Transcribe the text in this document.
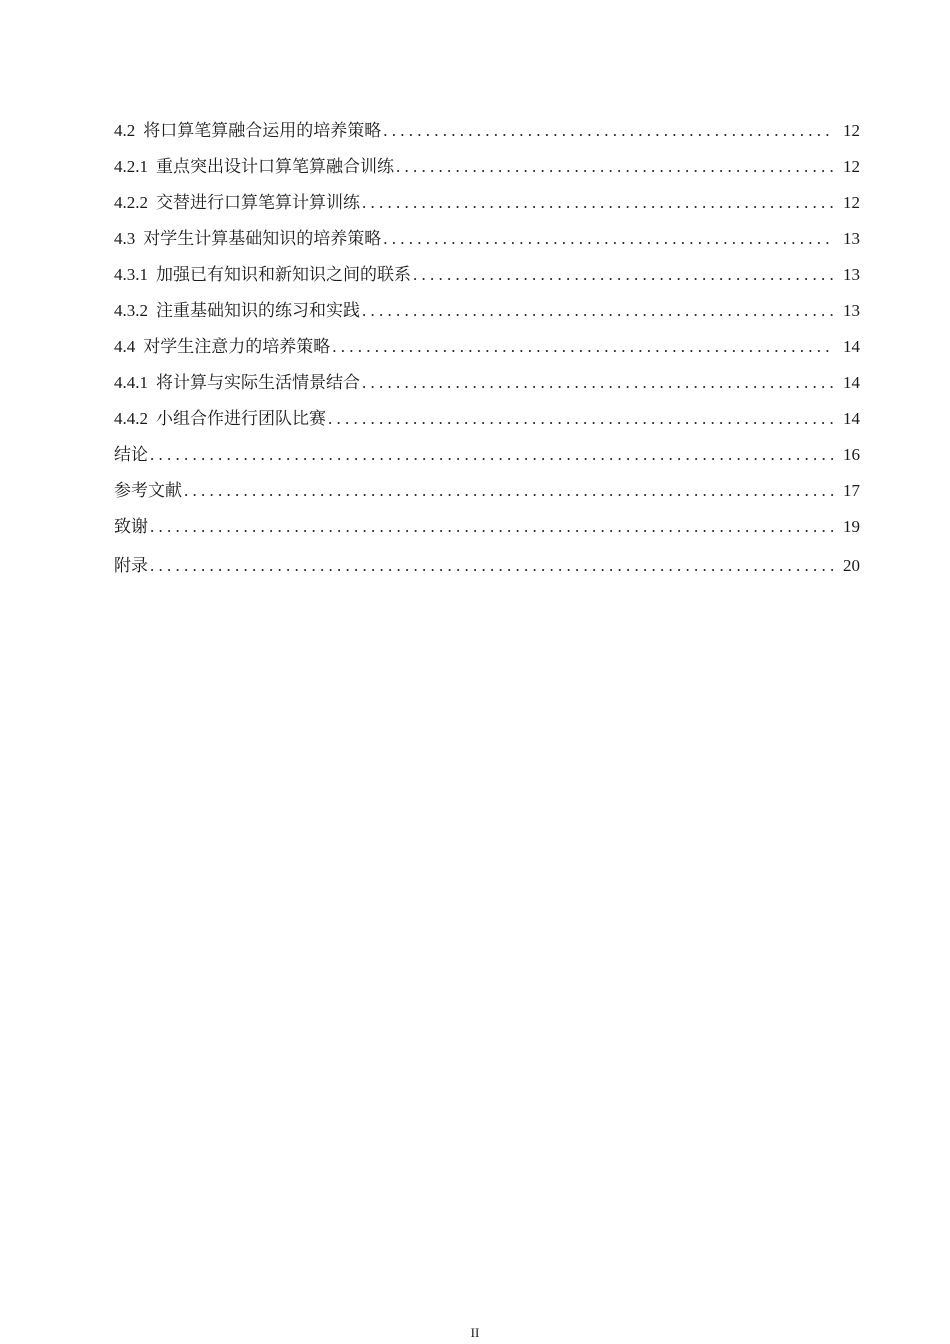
4.2 将口算笔算融合运用的培养策略 . . .	12
4.2.1 重点突出设计口算笔算融合训练 . . .	12
4.2.2 交替进行口算笔算计算训练 . . .	12
4.3 对学生计算基础知识的培养策略 . . .	13
4.3.1 加强已有知识和新知识之间的联系 . . .	13
4.3.2 注重基础知识的练习和实践 . . .	13
4.4 对学生注意力的培养策略 . . .	14
4.4.1 将计算与实际生活情景结合 . . .	14
4.4.2 小组合作进行团队比赛 . . .	14
结论 . . .	16
参考文献 . . .	17
致谢 . . .	19
附录 . . .	20
II
